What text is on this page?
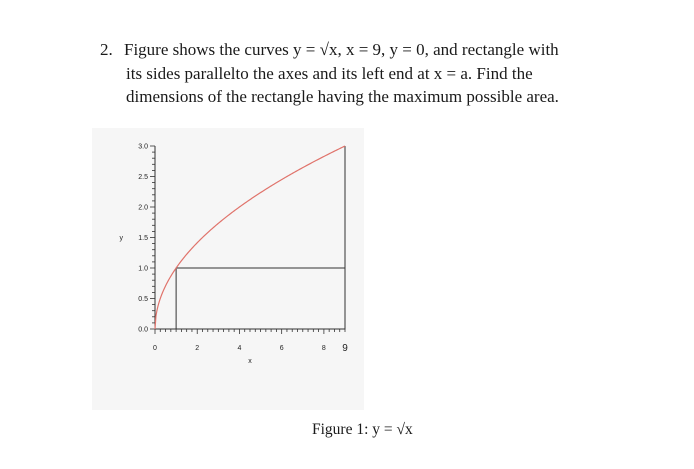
2. Figure shows the curves y = √x, x = 9, y = 0, and rectangle with
its sides parallelto the axes and its left end at x = a. Find the
dimensions of the rectangle having the maximum possible area.
0	2	4	6	8 9
0.0
0.5
1.0
1.5
2.0
2.5
3.0
x
y
Figure 1: y = √x
